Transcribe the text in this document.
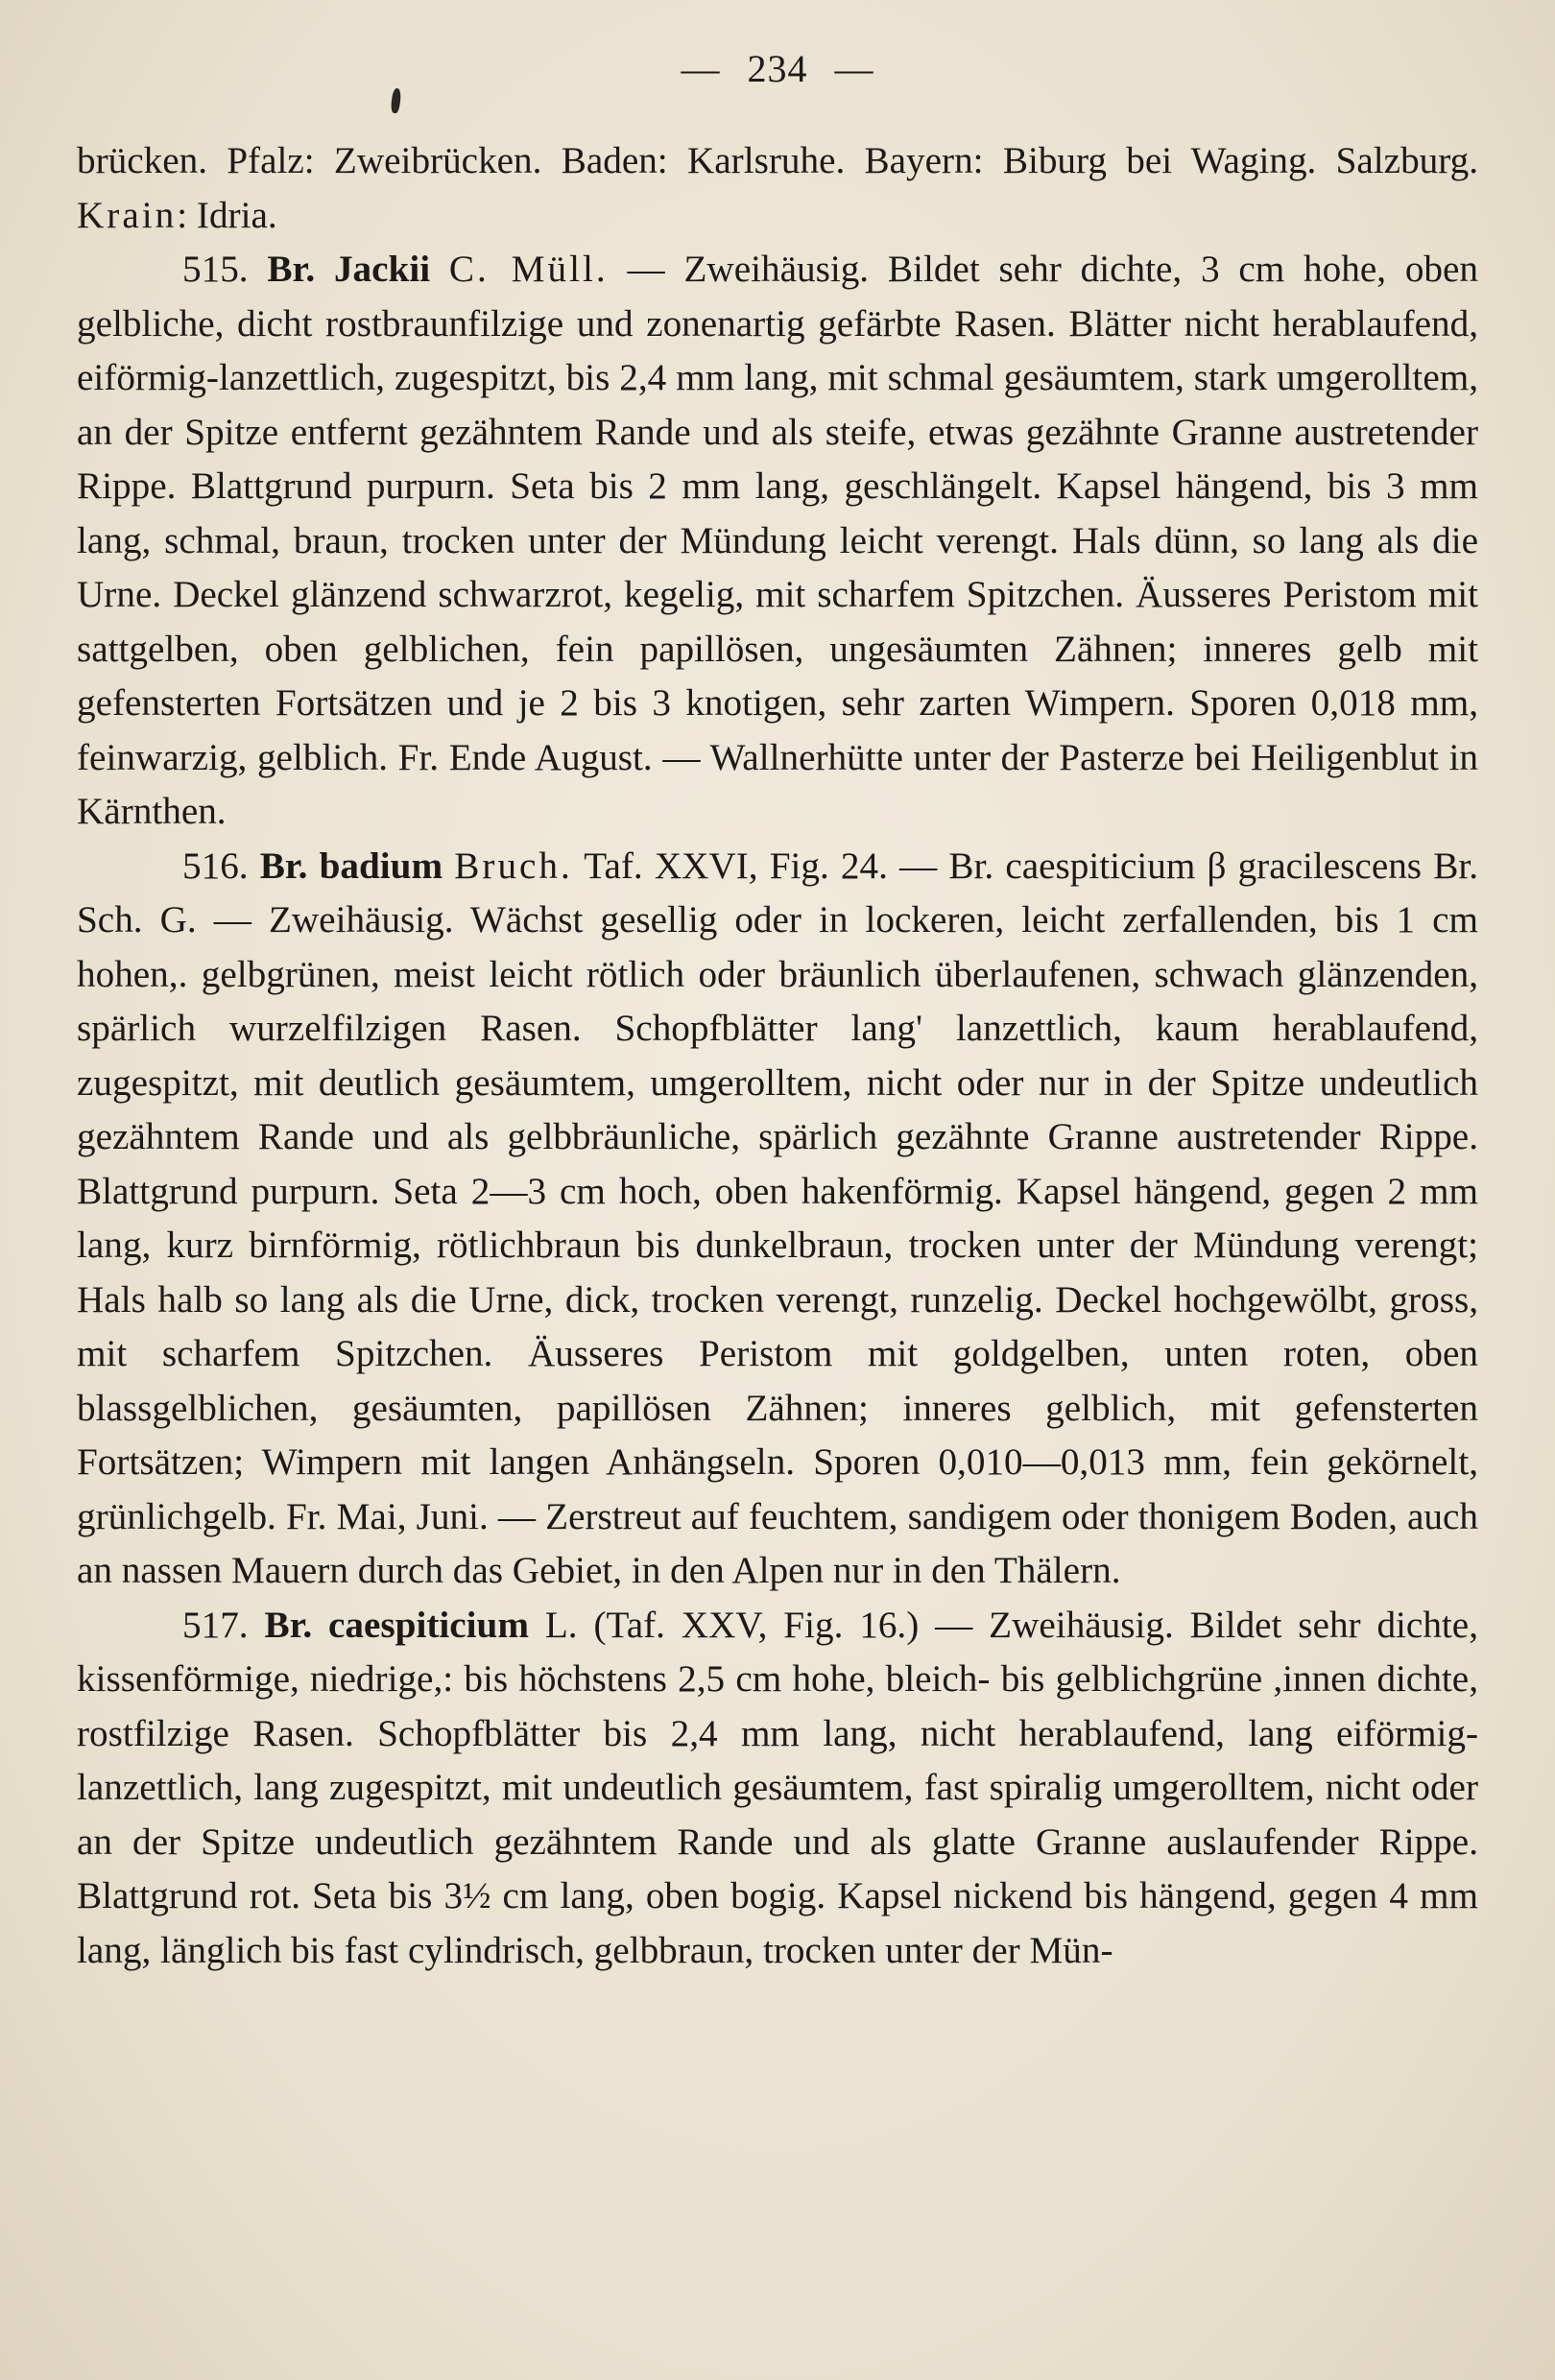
— 234 —

brücken. Pfalz: Zweibrücken. Baden: Karlsruhe. Bayern: Biburg bei Waging. Salzburg. Krain: Idria.

515. Br. Jackii C. Müll. — Zweihäusig. Bildet sehr dichte, 3 cm hohe, oben gelbliche, dicht rostbraunfilzige und zonenartig gefärbte Rasen. Blätter nicht herablaufend, eiförmig-lanzettlich, zugespitzt, bis 2,4 mm lang, mit schmal gesäumtem, stark umgerolltem, an der Spitze entfernt gezähntem Rande und als steife, etwas gezähnte Granne austretender Rippe. Blattgrund purpurn. Seta bis 2 mm lang, geschlängelt. Kapsel hängend, bis 3 mm lang, schmal, braun, trocken unter der Mündung leicht verengt. Hals dünn, so lang als die Urne. Deckel glänzend schwarzrot, kegelig, mit scharfem Spitzchen. Äusseres Peristom mit sattgelben, oben gelblichen, fein papillösen, ungesäumten Zähnen; inneres gelb mit gefensterten Fortsätzen und je 2 bis 3 knotigen, sehr zarten Wimpern. Sporen 0,018 mm, feinwarzig, gelblich. Fr. Ende August. — Wallnerhütte unter der Pasterze bei Heiligenblut in Kärnthen.

516. Br. badium Bruch. Taf. XXVI, Fig. 24. — Br. caespiticium β gracilescens Br. Sch. G. — Zweihäusig. Wächst gesellig oder in lockeren, leicht zerfallenden, bis 1 cm hohen,. gelbgrünen, meist leicht rötlich oder bräunlich überlaufenen, schwach glänzenden, spärlich wurzelfilzigen Rasen. Schopfblätter lang' lanzettlich, kaum herablaufend, zugespitzt, mit deutlich gesäumtem, umgerolltem, nicht oder nur in der Spitze undeutlich gezähntem Rande und als gelbbräunliche, spärlich gezähnte Granne austretender Rippe. Blattgrund purpurn. Seta 2—3 cm hoch, oben hakenförmig. Kapsel hängend, gegen 2 mm lang, kurz birnförmig, rötlichbraun bis dunkelbraun, trocken unter der Mündung verengt; Hals halb so lang als die Urne, dick, trocken verengt, runzelig. Deckel hochgewölbt, gross, mit scharfem Spitzchen. Äusseres Peristom mit goldgelben, unten roten, oben blassgelblichen, gesäumten, papillösen Zähnen; inneres gelblich, mit gefensterten Fortsätzen; Wimpern mit langen Anhängseln. Sporen 0,010—0,013 mm, fein gekörnelt, grünlichgelb. Fr. Mai, Juni. — Zerstreut auf feuchtem, sandigem oder thonigem Boden, auch an nassen Mauern durch das Gebiet, in den Alpen nur in den Thälern.

517. Br. caespiticium L. (Taf. XXV, Fig. 16.) — Zweihäusig. Bildet sehr dichte, kissenförmige, niedrige,: bis höchstens 2,5 cm hohe, bleich- bis gelblichgrüne ,innen dichte, rostfilzige Rasen. Schopfblätter bis 2,4 mm lang, nicht herablaufend, lang eiförmig-lanzettlich, lang zugespitzt, mit undeutlich gesäumtem, fast spiralig umgerolltem, nicht oder an der Spitze undeutlich gezähntem Rande und als glatte Granne auslaufender Rippe. Blattgrund rot. Seta bis 3½ cm lang, oben bogig. Kapsel nickend bis hängend, gegen 4 mm lang, länglich bis fast cylindrisch, gelbbraun, trocken unter der Mün-
